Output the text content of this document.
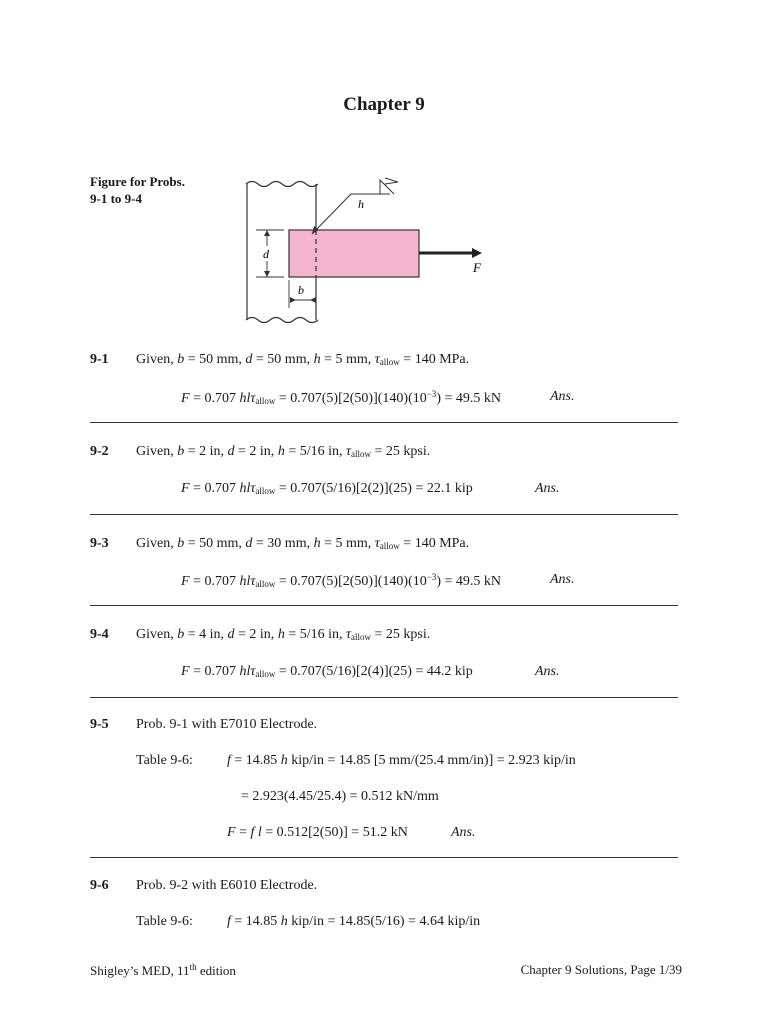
Chapter 9
Figure for Probs.
9-1 to 9-4
F
h
d
b
9-1 Given, b = 50 mm, d = 50 mm, h = 5 mm, $\tau_{allow} = 140$ MPa.
F = 0.707 $hl\tau_{allow} = 0.707(5)[2(50)](140)(10^{-3}) = 49.5$ kN	Ans.
9-2 Given, b = 2 in, d = 2 in, h = 5/16 in, $\tau_{allow} = 25$ kpsi.
F = 0.707 hlτ$_{allow}$ = 0.707(5/16)[2(2)](25) = 22.1 kip	Ans.
9-3 Given, b = 50 mm, d = 30 mm, h = 5 mm, $\tau_{allow} = 140$ MPa.
F = 0.707 $hl\tau_{allow} = 0.707(5)[2(50)](140)(10^{-3}) = 49.5$ kN	Ans.
9-4 Given, b = 4 in, d = 2 in, h = 5/16 in, $\tau_{allow} = 25$ kpsi.
F = 0.707 hlτ$_{allow}$ = 0.707(5/16)[2(4)](25) = 44.2 kip	Ans.
9-5 Prob. 9-1 with E7010 Electrode.
Table 9-6: f = 14.85 h kip/in = 14.85 [5 mm/(25.4 mm/in)] = 2.923 kip/in
= 2.923(4.45/25.4) = 0.512 kN/mm
F = f l = 0.512[2(50)] = 51.2 kN	Ans.
9-6 Prob. 9-2 with E6010 Electrode.
Table 9-6: f = 14.85 h kip/in = 14.85(5/16) = 4.64 kip/in
Shigley’s MED, 11th edition	Chapter 9 Solutions, Page 1/39
